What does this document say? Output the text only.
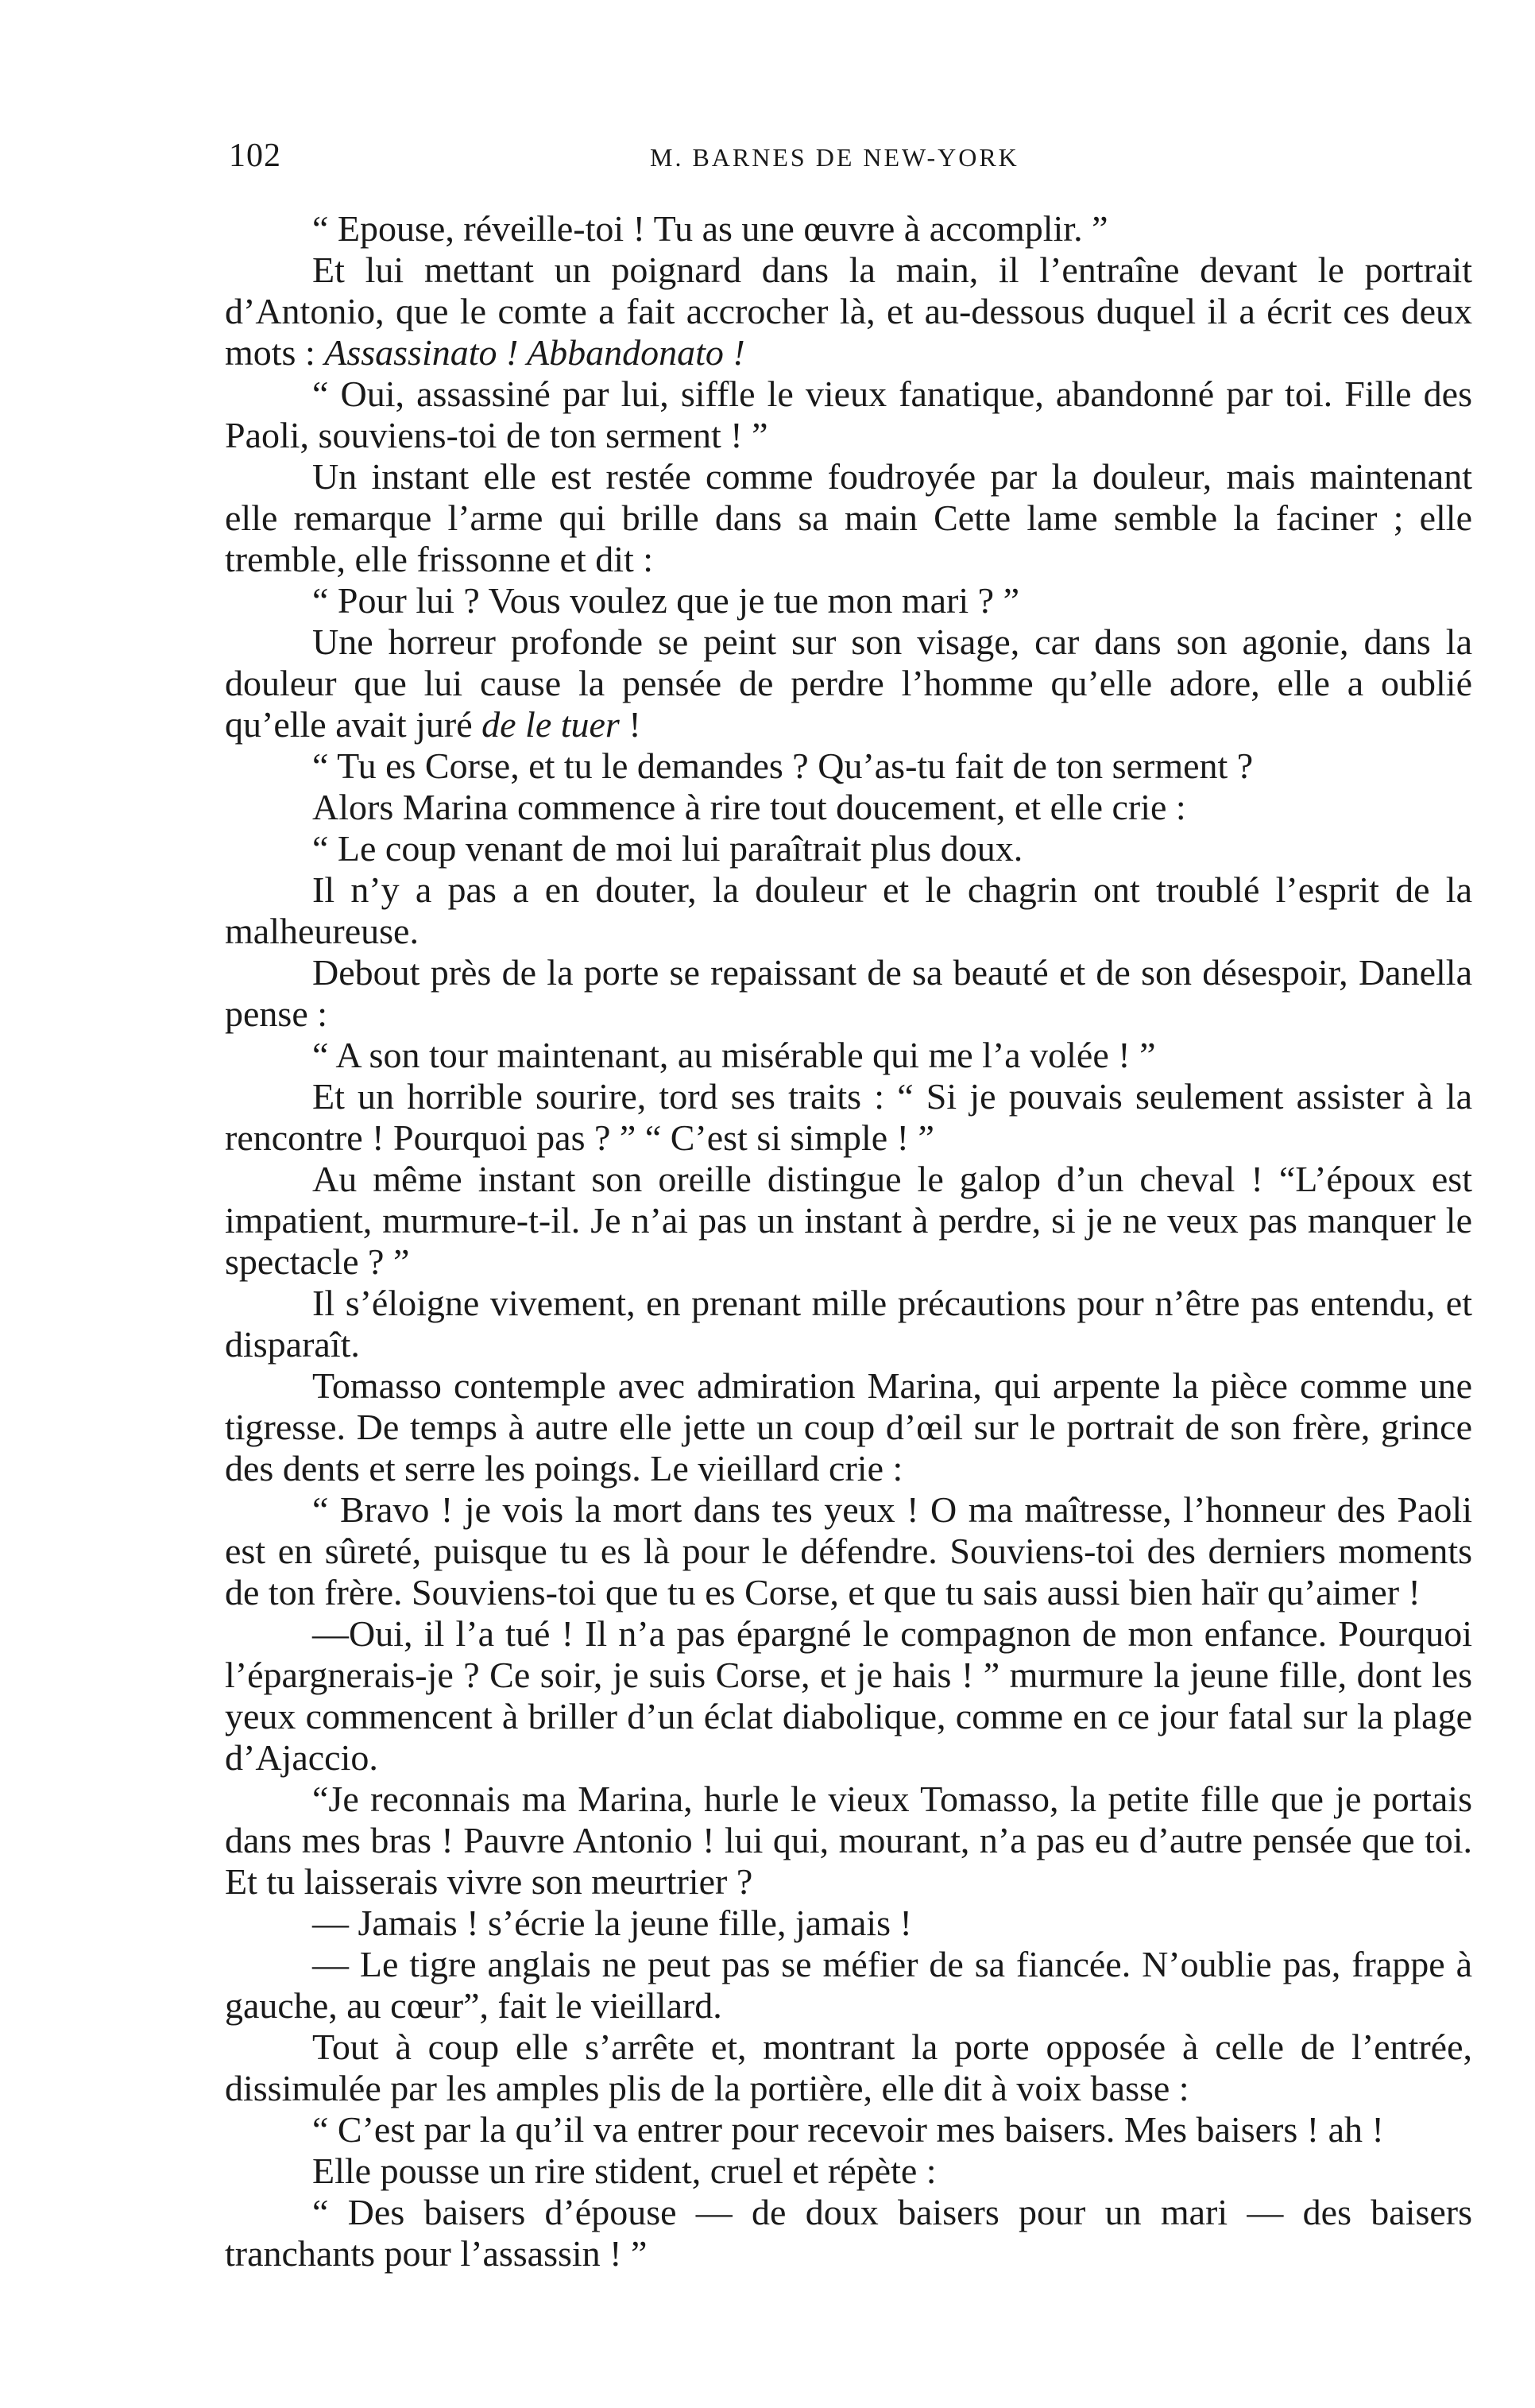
102	M. BARNES DE NEW-YORK

“ Epouse, réveille-toi ! Tu as une œuvre à accomplir. ”

Et lui mettant un poignard dans la main, il l’entraîne devant le portrait d’Antonio, que le comte a fait accrocher là, et au-dessous duquel il a écrit ces deux mots : Assassinato ! Abbandonato !

“ Oui, assassiné par lui, siffle le vieux fanatique, abandonné par toi. Fille des Paoli, souviens-toi de ton serment ! ”

Un instant elle est restée comme foudroyée par la douleur, mais maintenant elle remarque l’arme qui brille dans sa main Cette lame semble la faciner ; elle tremble, elle frissonne et dit :

“ Pour lui ? Vous voulez que je tue mon mari ? ”

Une horreur profonde se peint sur son visage, car dans son agonie, dans la douleur que lui cause la pensée de perdre l’homme qu’elle adore, elle a oublié qu’elle avait juré de le tuer !

“ Tu es Corse, et tu le demandes ? Qu’as-tu fait de ton serment ?

Alors Marina commence à rire tout doucement, et elle crie :

“ Le coup venant de moi lui paraîtrait plus doux.

Il n’y a pas a en douter, la douleur et le chagrin ont troublé l’esprit de la malheureuse.

Debout près de la porte se repaissant de sa beauté et de son désespoir, Danella pense :

“ A son tour maintenant, au misérable qui me l’a volée ! ”

Et un horrible sourire, tord ses traits : “ Si je pouvais seulement assister à la rencontre ! Pourquoi pas ? ” “ C’est si simple ! ”

Au même instant son oreille distingue le galop d’un cheval ! “L’époux est impatient, murmure-t-il. Je n’ai pas un instant à perdre, si je ne veux pas manquer le spectacle ? ”

Il s’éloigne vivement, en prenant mille précautions pour n’être pas entendu, et disparaît.

Tomasso contemple avec admiration Marina, qui arpente la pièce comme une tigresse. De temps à autre elle jette un coup d’œil sur le portrait de son frère, grince des dents et serre les poings. Le vieillard crie :

“ Bravo ! je vois la mort dans tes yeux ! O ma maîtresse, l’honneur des Paoli est en sûreté, puisque tu es là pour le défendre. Souviens-toi des derniers moments de ton frère. Souviens-toi que tu es Corse, et que tu sais aussi bien haïr qu’aimer !

—Oui, il l’a tué ! Il n’a pas épargné le compagnon de mon enfance. Pourquoi l’épargnerais-je ? Ce soir, je suis Corse, et je hais ! ” murmure la jeune fille, dont les yeux commencent à briller d’un éclat diabolique, comme en ce jour fatal sur la plage d’Ajaccio.

“Je reconnais ma Marina, hurle le vieux Tomasso, la petite fille que je portais dans mes bras ! Pauvre Antonio ! lui qui, mourant, n’a pas eu d’autre pensée que toi. Et tu laisserais vivre son meurtrier ?

— Jamais ! s’écrie la jeune fille, jamais !

— Le tigre anglais ne peut pas se méfier de sa fiancée. N’oublie pas, frappe à gauche, au cœur”, fait le vieillard.

Tout à coup elle s’arrête et, montrant la porte opposée à celle de l’entrée, dissimulée par les amples plis de la portière, elle dit à voix basse :

“ C’est par la qu’il va entrer pour recevoir mes baisers. Mes baisers ! ah !

Elle pousse un rire stident, cruel et répète :

“ Des baisers d’épouse — de doux baisers pour un mari — des baisers tranchants pour l’assassin ! ”
